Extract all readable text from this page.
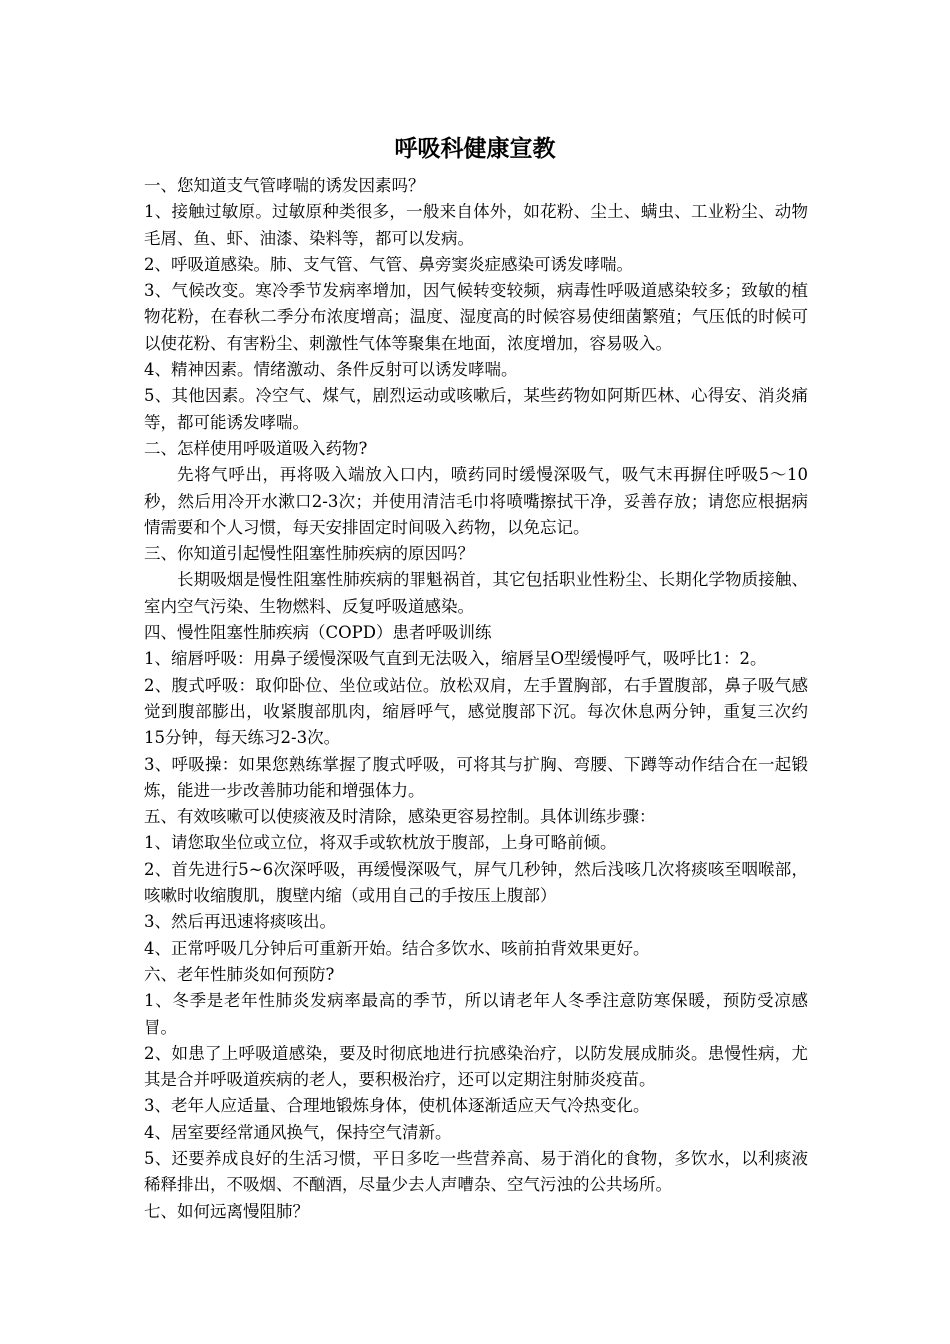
呼吸科健康宣教

一、您知道支气管哮喘的诱发因素吗？

1、接触过敏原。过敏原种类很多，一般来自体外，如花粉、尘土、螨虫、工业粉尘、动物毛屑、鱼、虾、油漆、染料等，都可以发病。

2、呼吸道感染。肺、支气管、气管、鼻旁窦炎症感染可诱发哮喘。

3、气候改变。寒冷季节发病率增加，因气候转变较频，病毒性呼吸道感染较多；致敏的植物花粉，在春秋二季分布浓度增高；温度、湿度高的时候容易使细菌繁殖；气压低的时候可以使花粉、有害粉尘、刺激性气体等聚集在地面，浓度增加，容易吸入。

4、精神因素。情绪激动、条件反射可以诱发哮喘。

5、其他因素。冷空气、煤气，剧烈运动或咳嗽后，某些药物如阿斯匹林、心得安、消炎痛等，都可能诱发哮喘。

二、怎样使用呼吸道吸入药物?

先将气呼出，再将吸入端放入口内，喷药同时缓慢深吸气，吸气末再摒住呼吸5～10秒，然后用冷开水漱口2-3次；并使用清洁毛巾将喷嘴擦拭干净，妥善存放；请您应根据病情需要和个人习惯，每天安排固定时间吸入药物，以免忘记。

三、你知道引起慢性阻塞性肺疾病的原因吗？

长期吸烟是慢性阻塞性肺疾病的罪魁祸首，其它包括职业性粉尘、长期化学物质接触、室内空气污染、生物燃料、反复呼吸道感染。

四、慢性阻塞性肺疾病（COPD）患者呼吸训练

1、缩唇呼吸：用鼻子缓慢深吸气直到无法吸入，缩唇呈O型缓慢呼气，吸呼比1：2。

2、腹式呼吸：取仰卧位、坐位或站位。放松双肩，左手置胸部，右手置腹部，鼻子吸气感觉到腹部膨出，收紧腹部肌肉，缩唇呼气，感觉腹部下沉。每次休息两分钟，重复三次约15分钟，每天练习2-3次。

3、呼吸操：如果您熟练掌握了腹式呼吸，可将其与扩胸、弯腰、下蹲等动作结合在一起锻炼，能进一步改善肺功能和增强体力。

五、有效咳嗽可以使痰液及时清除，感染更容易控制。具体训练步骤：

1、请您取坐位或立位，将双手或软枕放于腹部，上身可略前倾。

2、首先进行5~6次深呼吸，再缓慢深吸气，屏气几秒钟，然后浅咳几次将痰咳至咽喉部，咳嗽时收缩腹肌，腹壁内缩（或用自己的手按压上腹部）

3、然后再迅速将痰咳出。

4、正常呼吸几分钟后可重新开始。结合多饮水、咳前拍背效果更好。

六、老年性肺炎如何预防?

1、冬季是老年性肺炎发病率最高的季节，所以请老年人冬季注意防寒保暖，预防受凉感冒。

2、如患了上呼吸道感染，要及时彻底地进行抗感染治疗，以防发展成肺炎。患慢性病，尤其是合并呼吸道疾病的老人，要积极治疗，还可以定期注射肺炎疫苗。

3、老年人应适量、合理地锻炼身体，使机体逐渐适应天气冷热变化。

4、居室要经常通风换气，保持空气清新。

5、还要养成良好的生活习惯，平日多吃一些营养高、易于消化的食物，多饮水，以利痰液稀释排出，不吸烟、不酗酒，尽量少去人声嘈杂、空气污浊的公共场所。

七、如何远离慢阻肺？
